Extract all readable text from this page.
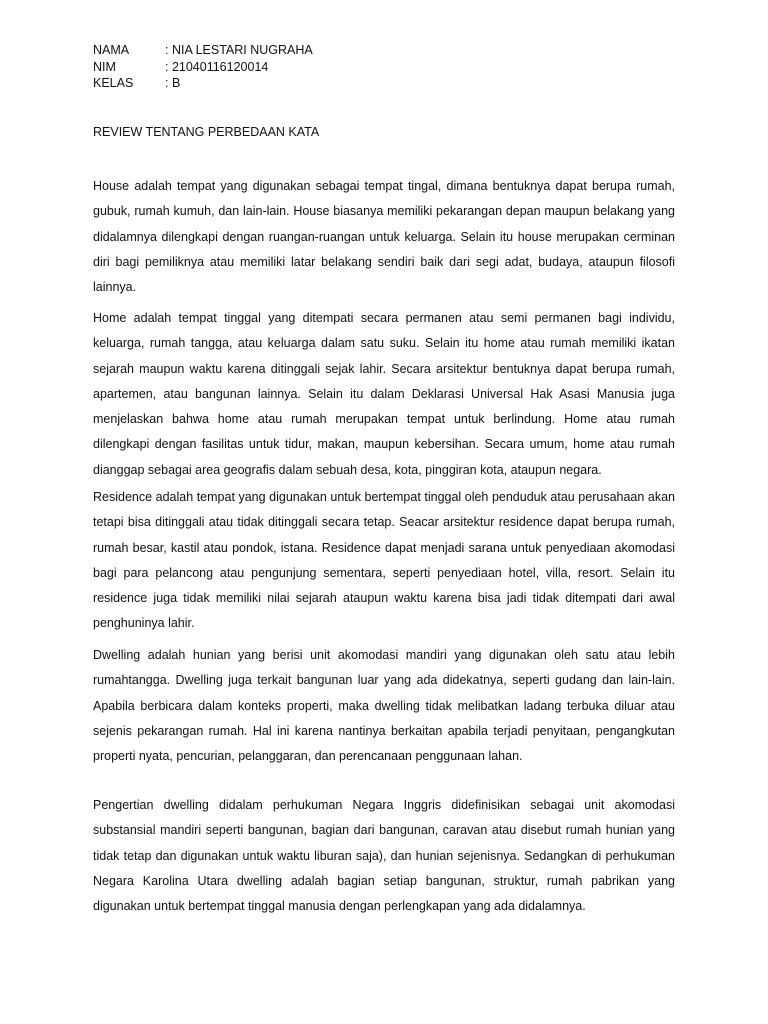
NAMA	: NIA LESTARI NUGRAHA
NIM	: 21040116120014
KELAS	: B
REVIEW TENTANG PERBEDAAN KATA

House adalah tempat yang digunakan sebagai tempat tingal, dimana bentuknya dapat berupa rumah, gubuk, rumah kumuh, dan lain-lain. House biasanya memiliki pekarangan depan maupun belakang yang didalamnya dilengkapi dengan ruangan-ruangan untuk keluarga. Selain itu house merupakan cerminan diri bagi pemiliknya atau memiliki latar belakang sendiri baik dari segi adat, budaya, ataupun filosofi lainnya.

Home adalah tempat tinggal yang ditempati secara permanen atau semi permanen bagi individu, keluarga, rumah tangga, atau keluarga dalam satu suku. Selain itu home atau rumah memiliki ikatan sejarah maupun waktu karena ditinggali sejak lahir. Secara arsitektur bentuknya dapat berupa rumah, apartemen, atau bangunan lainnya. Selain itu dalam Deklarasi Universal Hak Asasi Manusia juga menjelaskan bahwa home atau rumah merupakan tempat untuk berlindung. Home atau rumah dilengkapi dengan fasilitas untuk tidur, makan, maupun kebersihan. Secara umum, home atau rumah dianggap sebagai area geografis dalam sebuah desa, kota, pinggiran kota, ataupun negara.

Residence adalah tempat yang digunakan untuk bertempat tinggal oleh penduduk atau perusahaan akan tetapi bisa ditinggali atau tidak ditinggali secara tetap. Seacar arsitektur residence dapat berupa rumah, rumah besar, kastil atau pondok, istana. Residence dapat menjadi sarana untuk penyediaan akomodasi bagi para pelancong atau pengunjung sementara, seperti penyediaan hotel, villa, resort. Selain itu residence juga tidak memiliki nilai sejarah ataupun waktu karena bisa jadi tidak ditempati dari awal penghuninya lahir.

Dwelling adalah hunian yang berisi unit akomodasi mandiri yang digunakan oleh satu atau lebih rumahtangga. Dwelling juga terkait bangunan luar yang ada didekatnya, seperti gudang dan lain-lain. Apabila berbicara dalam konteks properti, maka dwelling tidak melibatkan ladang terbuka diluar atau sejenis pekarangan rumah. Hal ini karena nantinya berkaitan apabila terjadi penyitaan, pengangkutan properti nyata, pencurian, pelanggaran, dan perencanaan penggunaan lahan.

Pengertian dwelling didalam perhukuman Negara Inggris didefinisikan sebagai unit akomodasi substansial mandiri seperti bangunan, bagian dari bangunan, caravan atau disebut rumah hunian yang tidak tetap dan digunakan untuk waktu liburan saja), dan hunian sejenisnya. Sedangkan di perhukuman Negara Karolina Utara dwelling adalah bagian setiap bangunan, struktur, rumah pabrikan yang digunakan untuk bertempat tinggal manusia dengan perlengkapan yang ada didalamnya.
